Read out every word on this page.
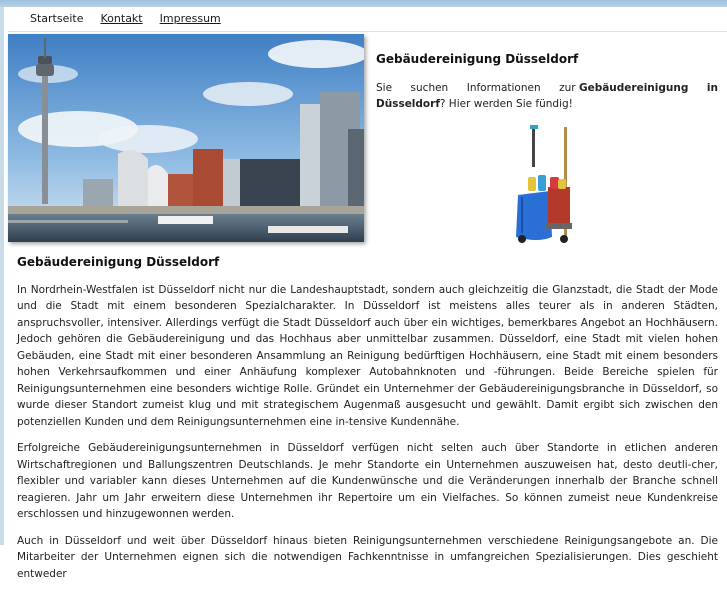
Startseite Kontakt Impressum
Gebäudereinigung Düsseldorf
Sie suchen Informationen zur Gebäudereinigung in
Düsseldorf? Hier werden Sie fündig!
Gebäudereinigung Düsseldorf

In Nordrhein-Westfalen ist Düsseldorf nicht nur die Landeshauptstadt, sondern auch gleichzeitig die Glanzstadt, die Stadt der Mode und die Stadt mit einem besonderen Spezialcharakter. In Düsseldorf ist meistens alles teurer als in anderen Städten, anspruchsvoller, intensiver. Allerdings verfügt die Stadt Düsseldorf auch über ein wichtiges, bemerkbares Angebot an Hochhäusern. Jedoch gehören die Gebäudereinigung und das Hochhaus aber unmittelbar zusammen. Düsseldorf, eine Stadt mit vielen hohen Gebäuden, eine Stadt mit einer besonderen Ansammlung an Reinigung bedürftigen Hochhäusern, eine Stadt mit einem besonders hohen Verkehrsaufkommen und einer Anhäufung komplexer Autobahnknoten und -führungen. Beide Bereiche spielen für Reinigungsunternehmen eine besonders wichtige Rolle. Gründet ein Unternehmer der Gebäudereinigungsbranche in Düsseldorf, so wurde dieser Standort zumeist klug und mit strategischem Augenmaß ausgesucht und gewählt. Damit ergibt sich zwischen den potenziellen Kunden und dem Reinigungsunternehmen eine in-tensive Kundennähe.

Erfolgreiche Gebäudereinigungsunternehmen in Düsseldorf verfügen nicht selten auch über Standorte in etlichen anderen Wirtschaftregionen und Ballungszentren Deutschlands. Je mehr Standorte ein Unternehmen auszuweisen hat, desto deutli-cher, flexibler und variabler kann dieses Unternehmen auf die Kundenwünsche und die Veränderungen innerhalb der Branche schnell reagieren. Jahr um Jahr erweitern diese Unternehmen ihr Repertoire um ein Vielfaches. So können zumeist neue Kundenkreise erschlossen und hinzugewonnen werden.

Auch in Düsseldorf und weit über Düsseldorf hinaus bieten Reinigungsunternehmen verschiedene Reinigungsangebote an. Die Mitarbeiter der Unternehmen eignen sich die notwendigen Fachkenntnisse in umfangreichen Spezialisierungen. Dies geschieht entweder
